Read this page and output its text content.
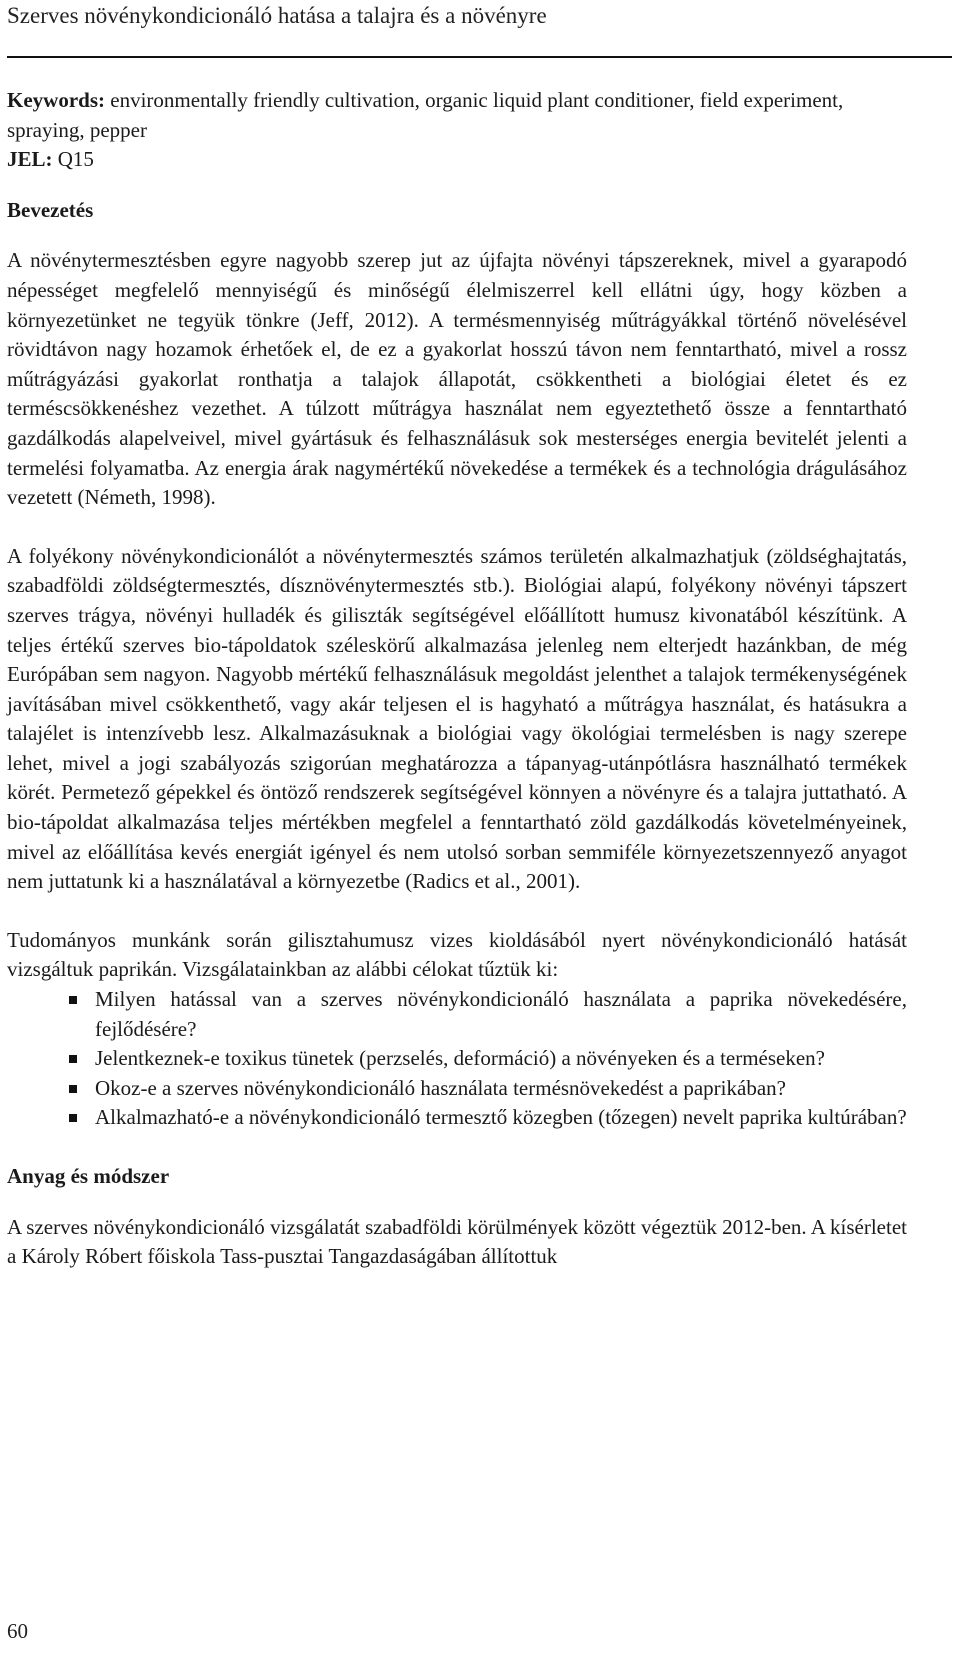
Szerves növénykondicionáló hatása a talajra és a növényre

Keywords: environmentally friendly cultivation, organic liquid plant conditioner, field experiment, spraying, pepper

JEL: Q15

Bevezetés

A növénytermesztésben egyre nagyobb szerep jut az újfajta növényi tápszereknek, mivel a gyarapodó népességet megfelelő mennyiségű és minőségű élelmiszerrel kell ellátni úgy, hogy közben a környezetünket ne tegyük tönkre (Jeff, 2012). A termésmennyiség műtrágyákkal történő növelésével rövidtávon nagy hozamok érhetőek el, de ez a gyakorlat hosszú távon nem fenntartható, mivel a rossz műtrágyázási gyakorlat ronthatja a talajok állapotát, csökkentheti a biológiai életet és ez terméscsökkenéshez vezethet. A túlzott műtrágya használat nem egyeztethető össze a fenntartható gazdálkodás alapelveivel, mivel gyártásuk és felhasználásuk sok mesterséges energia bevitelét jelenti a termelési folyamatba. Az energia árak nagymértékű növekedése a termékek és a technológia drágulásához vezetett (Németh, 1998).

A folyékony növénykondicionálót a növénytermesztés számos területén alkalmazhatjuk (zöldséghajtatás, szabadföldi zöldségtermesztés, dísznövénytermesztés stb.). Biológiai alapú, folyékony növényi tápszert szerves trágya, növényi hulladék és giliszták segítségével előállított humusz kivonatából készítünk. A teljes értékű szerves bio-tápoldatok széleskörű alkalmazása jelenleg nem elterjedt hazánkban, de még Európában sem nagyon. Nagyobb mértékű felhasználásuk megoldást jelenthet a talajok termékenységének javításában mivel csökkenthető, vagy akár teljesen el is hagyható a műtrágya használat, és hatásukra a talajélet is intenzívebb lesz. Alkalmazásuknak a biológiai vagy ökológiai termelésben is nagy szerepe lehet, mivel a jogi szabályozás szigorúan meghatározza a tápanyag-utánpótlásra használható termékek körét. Permetező gépekkel és öntöző rendszerek segítségével könnyen a növényre és a talajra juttatható. A bio-tápoldat alkalmazása teljes mértékben megfelel a fenntartható zöld gazdálkodás követelményeinek, mivel az előállítása kevés energiát igényel és nem utolsó sorban semmiféle környezetszennyező anyagot nem juttatunk ki a használatával a környezetbe (Radics et al., 2001).

Tudományos munkánk során gilisztahumusz vizes kioldásából nyert növénykondicionáló hatását vizsgáltuk paprikán. Vizsgálatainkban az alábbi célokat tűztük ki:

Milyen hatással van a szerves növénykondicionáló használata a paprika növekedésére, fejlődésére?
Jelentkeznek-e toxikus tünetek (perzselés, deformáció) a növényeken és a terméseken?
Okoz-e a szerves növénykondicionáló használata termésnövekedést a paprikában?
Alkalmazható-e a növénykondicionáló termesztő közegben (tőzegen) nevelt paprika kultúrában?
Anyag és módszer

A szerves növénykondicionáló vizsgálatát szabadföldi körülmények között végeztük 2012-ben. A kísérletet a Károly Róbert főiskola Tass-pusztai Tangazdaságában állítottuk

60
